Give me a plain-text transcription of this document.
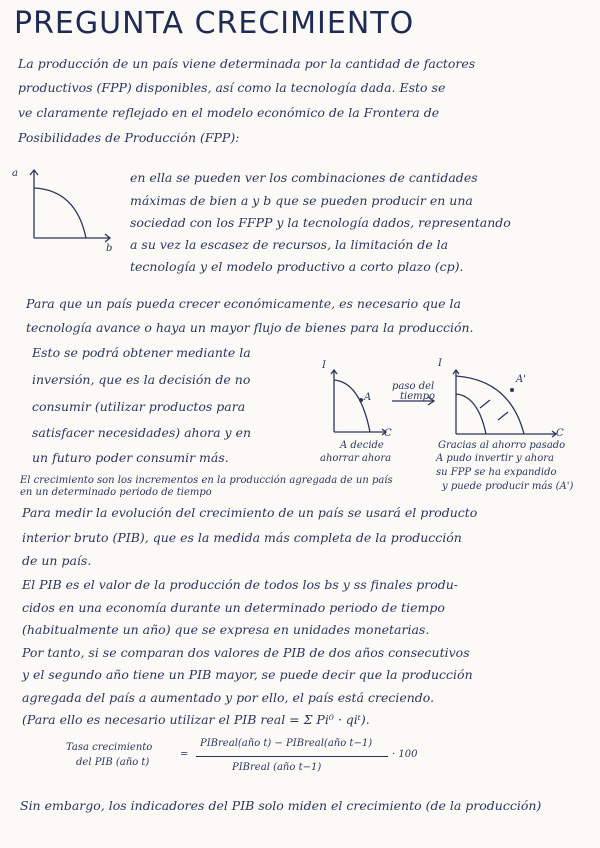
PREGUNTA CRECIMIENTO
La producción de un país viene determinada por la cantidad de factores
productivos (FPP) disponibles, así como la tecnología dada. Esto se
ve claramente reflejado en el modelo económico de la Frontera de
Posibilidades de Producción (FPP):
a
b
en ella se pueden ver los combinaciones de cantidades
máximas de bien a y b que se pueden producir en una
sociedad con los FFPP y la tecnología dados, representando
a su vez la escasez de recursos, la limitación de la
tecnología y el modelo productivo a corto plazo (cp).
Para que un país pueda crecer económicamente, es necesario que la
tecnología avance o haya un mayor flujo de bienes para la producción.
Esto se podrá obtener mediante la
inversión, que es la decisión de no
consumir (utilizar productos para
satisfacer necesidades) ahora y en
un futuro poder consumir más.
I
A
C
paso del
tiempo
I
A'
C
A decide
ahorrar ahora
Gracias al ahorro pasado
A pudo invertir y ahora
su FPP se ha expandido
y puede producir más (A')
El crecimiento son los incrementos en la producción agregada de un país
en un determinado periodo de tiempo
Para medir la evolución del crecimiento de un país se usará el producto
interior bruto (PIB), que es la medida más completa de la producción
de un país.
El PIB es el valor de la producción de todos los bs y ss finales produ-
cidos en una economía durante un determinado periodo de tiempo
(habitualmente un año) que se expresa en unidades monetarias.
Por tanto, si se comparan dos valores de PIB de dos años consecutivos
y el segundo año tiene un PIB mayor, se puede decir que la producción
agregada del país a aumentado y por ello, el país está creciendo.
(Para ello es necesario utilizar el PIB real = Σ Pi⁰ · qiᵗ).
Tasa crecimiento
del PIB (año t)
=
PIBreal(año t) − PIBreal(año t−1)
PIBreal (año t−1)
· 100
Sin embargo, los indicadores del PIB solo miden el crecimiento (de la producción)
